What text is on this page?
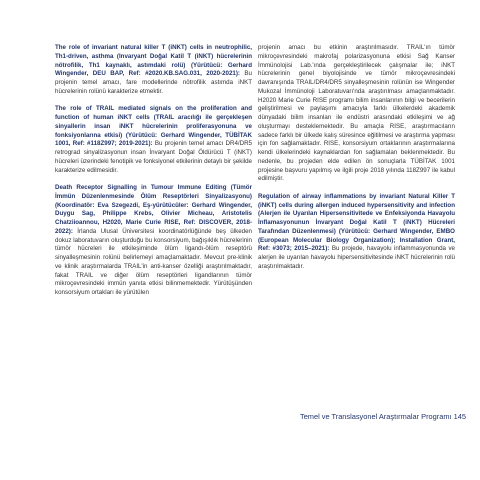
The role of invariant natural killer T (iNKT) cells in neutrophilic, Th1-driven, asthma (Invaryant Doğal Katil T (iNKT) hücrelerinin nötrofilik, Th1 kaynaklı, astımdaki rolü) (Yürütücü: Gerhard Wingender, DEU BAP, Ref: #2020.KB.SAG.031, 2020-2021): Bu projenin temel amacı, fare modellerinde nötrofilik astımda iNKT hücrelerinin rolünü karakterize etmektir.

The role of TRAIL mediated signals on the proliferation and function of human iNKT cells (TRAIL aracılığı ile gerçekleşen sinyallerin insan iNKT hücrelerinin proliferasyonuna ve fonksiyonlarına etkisi) (Yürütücü: Gerhard Wingender, TÜBİTAK 1001, Ref: #118Z997; 2019-2021): Bu projenin temel amacı DR4/DR5 retrograd sinyalizasyonun insan İnvaryant Doğal Öldürücü T (iNKT) hücreleri üzerindeki fenotipik ve fonksiyonel etkilerinin detaylı bir şekilde karakterize edilmesidir.

Death Receptor Signalling in Tumour Immune Editing (Tümör İmmün Düzenlenmesinde Ölüm Reseptörleri Sinyalizasyonu) (Koordinatör: Eva Szegezdi, Eş-yürütücüler: Gerhard Wingender, Duygu Sag, Philippe Krebs, Olivier Micheau, Aristotelis Chatziioannou, H2020, Marie Curie RISE, Ref: DISCOVER, 2018-2022): İrlanda Ulusal Üniversitesi koordinatörlüğünde beş ülkeden dokuz laboratuvarın oluşturduğu bu konsorsiyum, bağışıklık hücrelerinin tümör hücreleri ile etkileşiminde ölüm ligandı-ölüm reseptörü sinyalleşmesinin rolünü belirlemeyi amaçlamaktadır. Mevcut pre-klinik ve klinik araştırmalarda TRAIL'in anti-kanser özelliği araştırılmaktadır, fakat TRAIL ve diğer ölüm reseptörleri ligandlarının tümör mikroçevresindeki immün yanıta etkisi bilinmemektedir. Yürütüşünden konsorsiyum ortakları ile yürütülen

projenin amacı bu etkinin araştırılmasıdır. TRAIL'ın tümör mikroçevresindeki makrofaj polarizasyonuna etkisi Sağ Kanser İmmünolojisi Lab.'ında gerçekleştirilecek çalışmalar ile; iNKT hücrelerinin genel biyolojisinde ve tümör mikroçevresindeki davranışında TRAIL/DR4/DR5 sinyalleşmesinin rolünün ise Wingender Mukozal İmmünoloji Laboratuvarı'nda araştırılması amaçlanmaktadır. H2020 Marie Curie RISE programı bilim insanlarının bilgi ve becerilerin geliştirilmesi ve paylaşımı amacıyla farklı ülkelerdeki akademik dünyadaki bilim insanları ile endüstri arasındaki etkileşimi ve ağ oluşturmayı desteklemektedir. Bu amaçla RISE, araştırmacıların sadece farklı bir ülkede kalış süresince eğitilmesi ve araştırma yapması için fon sağlamaktadır. RISE, konsorsiyum ortaklarının araştırmalarına kendi ülkelerindeki kaynaklardan fon sağlamaları beklenmektedir. Bu nedenle, bu projeden elde edilen ön sonuçlarla TÜBİTAK 1001 projesine başvuru yapılmış ve ilgili proje 2018 yılında 118Z997 ile kabul edilmiştir.

Regulation of airway inflammations by invariant Natural Killer T (iNKT) cells during allergen induced hypersensitivity and infection (Alerjen ile Uyarılan Hipersensitivitede ve Enfeksiyonda Havayolu İnflamasyonunun İnvaryant Doğal Katil T (iNKT) Hücreleri Tarafından Düzenlenmesi) (Yürütücü: Gerhard Wingender, EMBO (European Molecular Biology Organization); Installation Grant, Ref: #3073; 2015–2021): Bu projede, havayolu inflammasyonunda ve alerjen ile uyarılan havayolu hipersensitivitesinde iNKT hücrelerinin rolü araştırılmaktadır.

Temel ve Translasyonel Araştırmalar Programı 145
